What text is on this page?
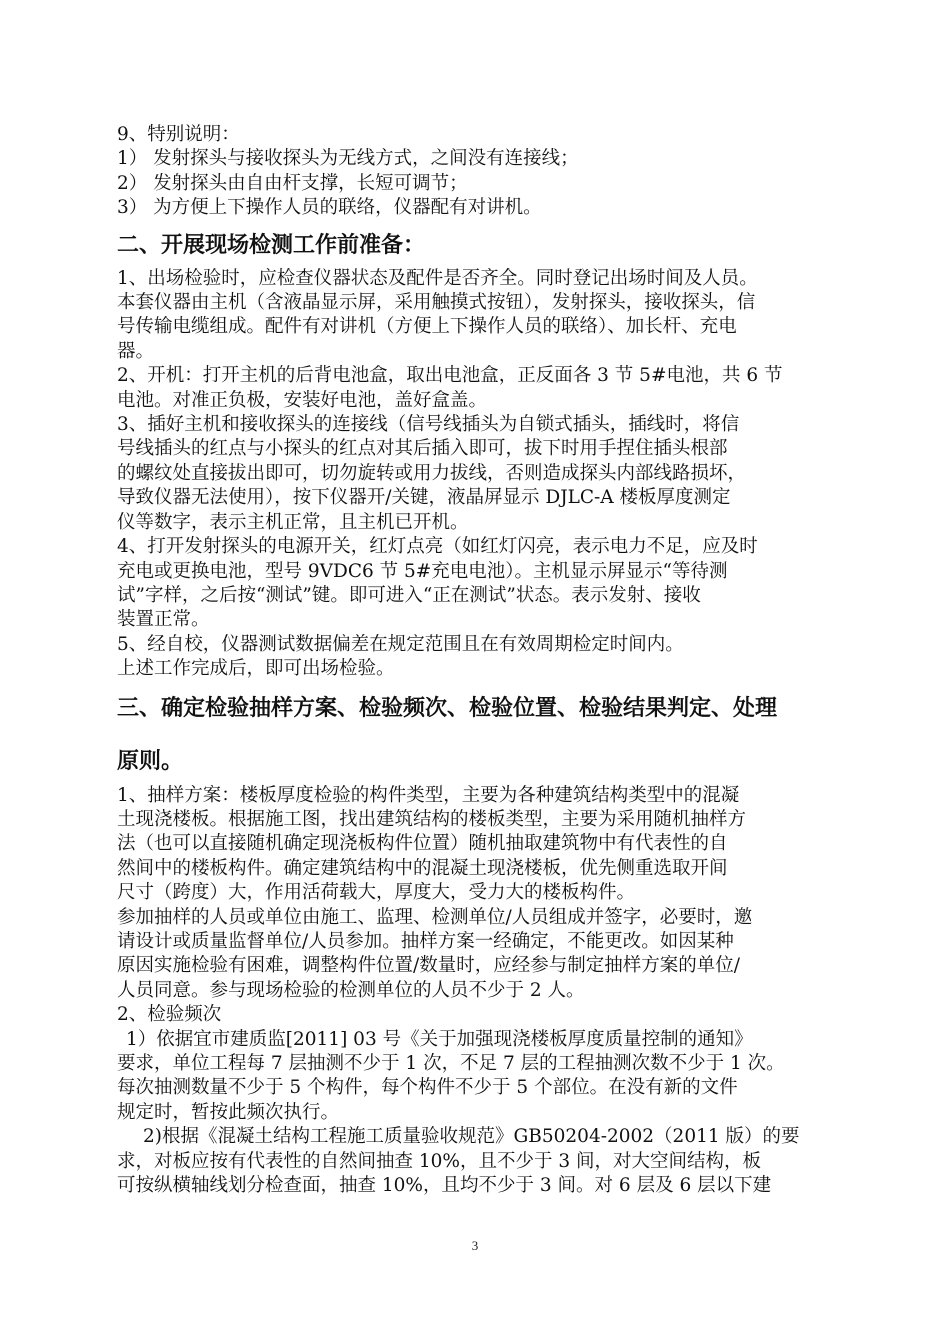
9、特别说明：

1） 发射探头与接收探头为无线方式，之间没有连接线；

2） 发射探头由自由杆支撑，长短可调节；

3） 为方便上下操作人员的联络，仪器配有对讲机。

二、开展现场检测工作前准备：

1、出场检验时，应检查仪器状态及配件是否齐全。同时登记出场时间及人员。

本套仪器由主机（含液晶显示屏，采用触摸式按钮），发射探头，接收探头，信

号传输电缆组成。配件有对讲机（方便上下操作人员的联络）、加长杆、充电

器。

2、开机：打开主机的后背电池盒，取出电池盒，正反面各 3 节 5#电池，共 6 节

电池。对准正负极，安装好电池，盖好盒盖。

3、插好主机和接收探头的连接线（信号线插头为自锁式插头，插线时，将信

号线插头的红点与小探头的红点对其后插入即可，拔下时用手捏住插头根部

的螺纹处直接拔出即可，切勿旋转或用力拔线，否则造成探头内部线路损坏，

导致仪器无法使用），按下仪器开/关键，液晶屏显示 DJLC-A 楼板厚度测定

仪等数字，表示主机正常，且主机已开机。

4、打开发射探头的电源开关，红灯点亮（如红灯闪亮，表示电力不足，应及时

充电或更换电池，型号 9VDC6 节 5#充电电池）。主机显示屏显示“等待测

试”字样，之后按“测试”键。即可进入“正在测试”状态。表示发射、接收

装置正常。

5、经自校，仪器测试数据偏差在规定范围且在有效周期检定时间内。

上述工作完成后，即可出场检验。

三、确定检验抽样方案、检验频次、检验位置、检验结果判定、处理

原则。

1、抽样方案：楼板厚度检验的构件类型，主要为各种建筑结构类型中的混凝

土现浇楼板。根据施工图，找出建筑结构的楼板类型，主要为采用随机抽样方

法（也可以直接随机确定现浇板构件位置）随机抽取建筑物中有代表性的自

然间中的楼板构件。确定建筑结构中的混凝土现浇楼板，优先侧重选取开间

尺寸（跨度）大，作用活荷载大，厚度大，受力大的楼板构件。

参加抽样的人员或单位由施工、监理、检测单位/人员组成并签字，必要时，邀

请设计或质量监督单位/人员参加。抽样方案一经确定，不能更改。如因某种

原因实施检验有困难，调整构件位置/数量时，应经参与制定抽样方案的单位/

人员同意。参与现场检验的检测单位的人员不少于 2 人。

2、检验频次

1）依据宜市建质监[2011] 03 号《关于加强现浇楼板厚度质量控制的通知》

要求，单位工程每 7 层抽测不少于 1 次，不足 7 层的工程抽测次数不少于 1 次。

每次抽测数量不少于 5 个构件，每个构件不少于 5 个部位。在没有新的文件

规定时，暂按此频次执行。

2)根据《混凝土结构工程施工质量验收规范》GB50204-2002（2011 版）的要

求，对板应按有代表性的自然间抽查 10%，且不少于 3 间，对大空间结构，板

可按纵横轴线划分检查面，抽查 10%，且均不少于 3 间。对 6 层及 6 层以下建

3
